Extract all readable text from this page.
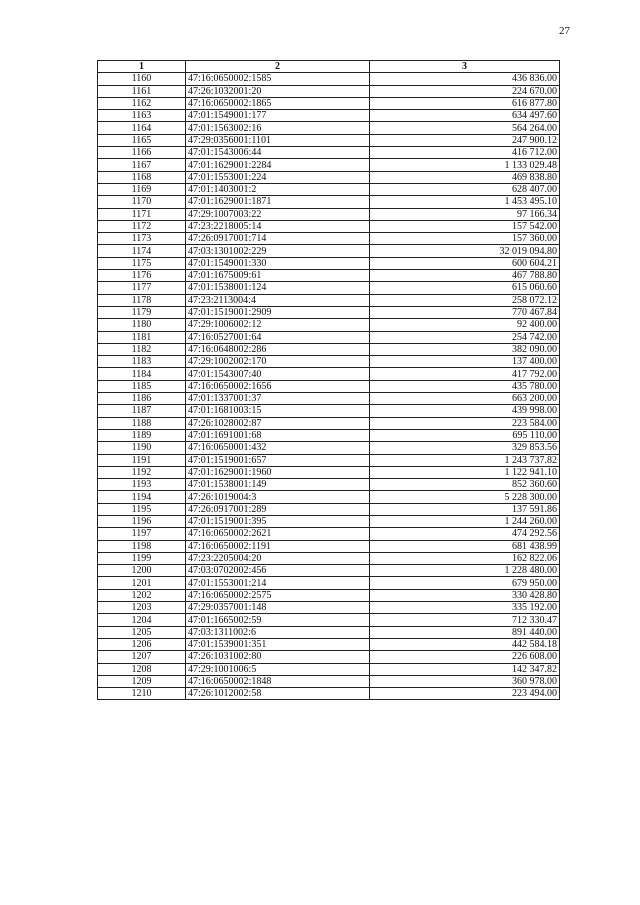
27
1	2	3
1160	47:16:0650002:1585	436 836.00
1161	47:26:1032001:20	224 670.00
1162	47:16:0650002:1865	616 877.80
1163	47:01:1549001:177	634 497.60
1164	47:01:1563002:16	564 264.00
1165	47:29:0356001:1101	247 900.12
1166	47:01:1543006:44	416 712.00
1167	47:01:1629001:2284	1 133 029.48
1168	47:01:1553001:224	469 838.80
1169	47:01:1403001:2	628 407.00
1170	47:01:1629001:1871	1 453 495.10
1171	47:29:1007003:22	97 166.34
1172	47:23:2218005:14	157 542.00
1173	47:26:0917001:714	157 360.00
1174	47:03:1301002:229	32 019 094.80
1175	47:01:1549001:330	600 604.21
1176	47:01:1675009:61	467 788.80
1177	47:01:1538001:124	615 060.60
1178	47:23:2113004:4	258 072.12
1179	47:01:1519001:2909	770 467.84
1180	47:29:1006002:12	92 400.00
1181	47:16:0527001:64	254 742.00
1182	47:16:0648002:286	382 090.00
1183	47:29:1002002:170	137 400.00
1184	47:01:1543007:40	417 792.00
1185	47:16:0650002:1656	435 780.00
1186	47:01:1337001:37	663 200.00
1187	47:01:1681003:15	439 998.00
1188	47:26:1028002:87	223 584.00
1189	47:01:1691001:68	695 110.00
1190	47:16:0650001:432	329 853.56
1191	47:01:1519001:657	1 243 737.82
1192	47:01:1629001:1960	1 122 941.10
1193	47:01:1538001:149	852 360.60
1194	47:26:1019004:3	5 228 300.00
1195	47:26:0917001:289	137 591.86
1196	47:01:1519001:395	1 244 260.00
1197	47:16:0650002:2621	474 292.56
1198	47:16:0650002:1191	681 438.99
1199	47:23:2205004:20	162 822.06
1200	47:03:0702002:456	1 228 480.00
1201	47:01:1553001:214	679 950.00
1202	47:16:0650002:2575	330 428.80
1203	47:29:0357001:148	335 192.00
1204	47:01:1665002:59	712 330.47
1205	47:03:1311002:6	891 440.00
1206	47:01:1539001:351	442 584.18
1207	47:26:1031002:80	226 608.00
1208	47:29:1001006:5	142 347.82
1209	47:16:0650002:1848	360 978.00
1210	47:26:1012002:58	223 494.00
